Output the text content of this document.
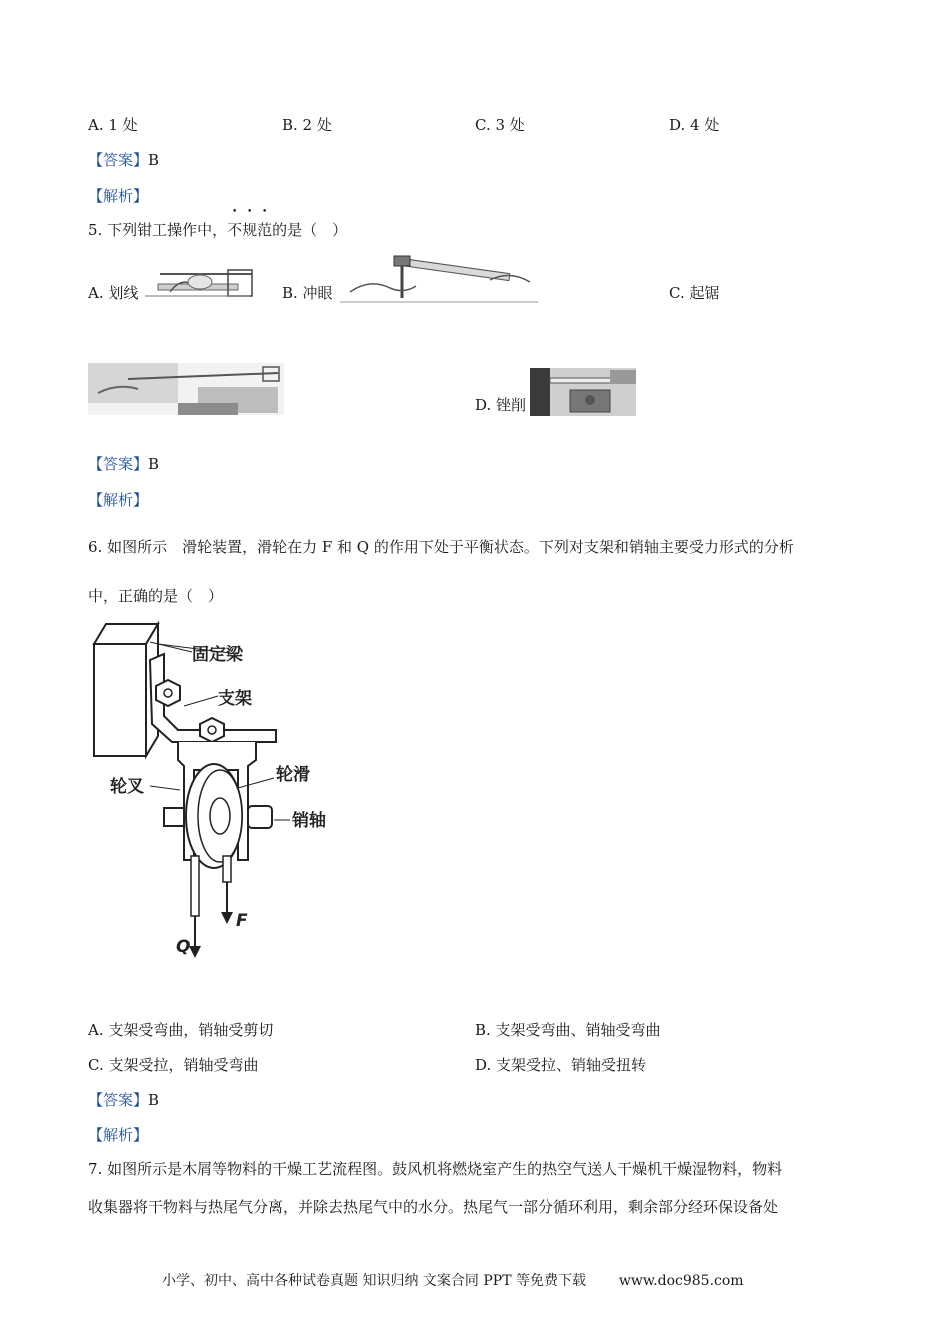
A. 1 处	B. 2 处	C. 3 处	D. 4 处
【答案】B
【解析】
5. 下列钳工操作中，不规范的是（　）
A. 划线	B. 冲眼	C. 起锯
D. 锉削
【答案】B
【解析】
6. 如图所示　滑轮装置，滑轮在力 F 和 Q 的作用下处于平衡状态。下列对支架和销轴主要受力形式的分析
中，正确的是（　）
固定梁
支架
轮滑
轮叉
销轴
F
Q
A. 支架受弯曲，销轴受剪切	B. 支架受弯曲、销轴受弯曲
C. 支架受拉，销轴受弯曲	D. 支架受拉、销轴受扭转
【答案】B
【解析】
7. 如图所示是木屑等物料的干燥工艺流程图。鼓风机将燃烧室产生的热空气送人干燥机干燥湿物料，物料
收集器将干物料与热尾气分离，并除去热尾气中的水分。热尾气一部分循环利用，剩余部分经环保设备处
小学、初中、高中各种试卷真题 知识归纳 文案合同 PPT 等免费下载 www.doc985.com
